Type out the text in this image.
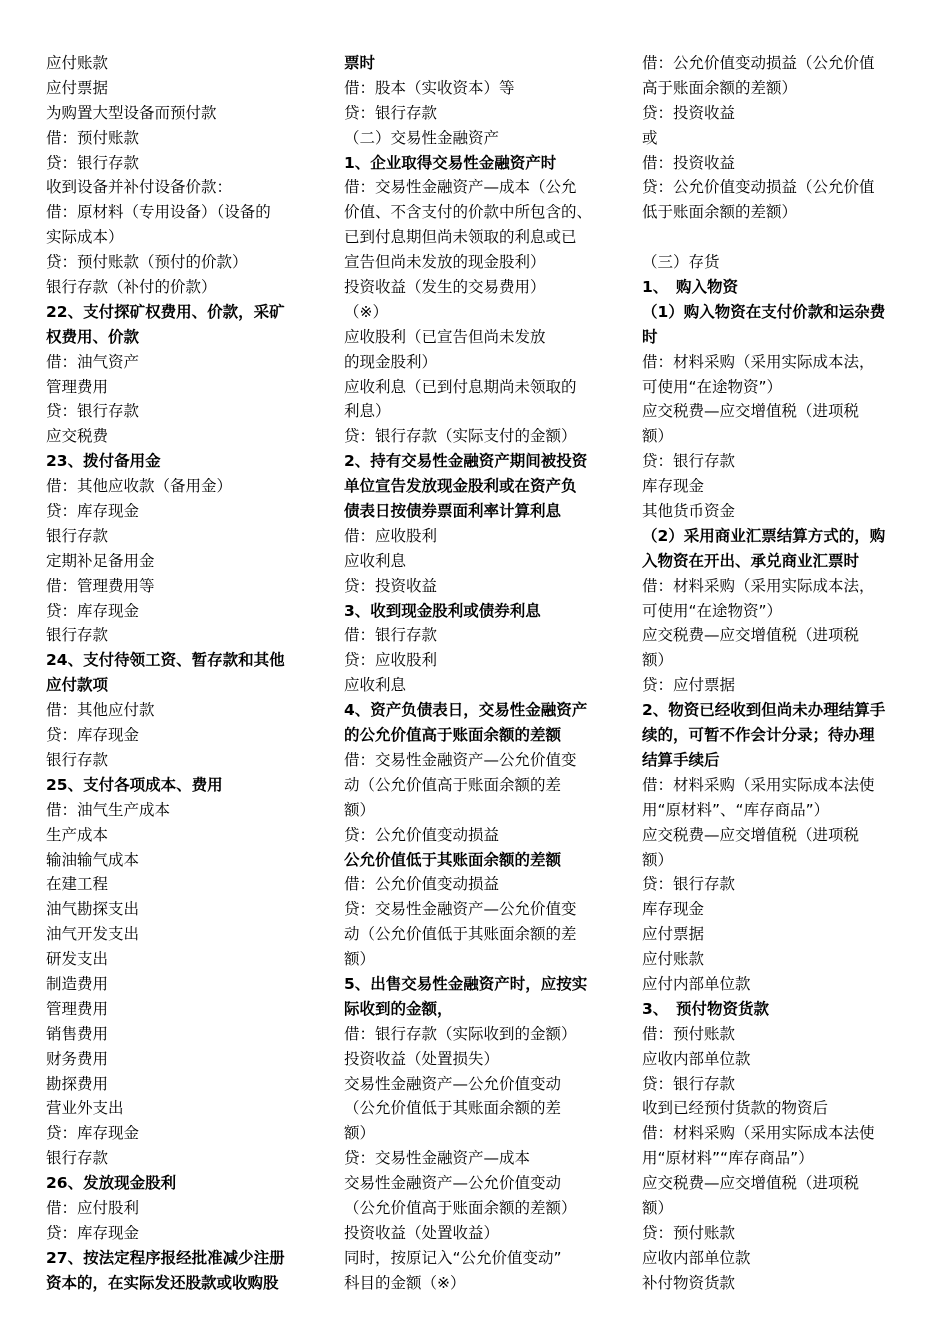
应付账款
应付票据
为购置大型设备而预付款
借：预付账款
贷：银行存款
收到设备并补付设备价款：
借：原材料（专用设备）（设备的
实际成本）
贷：预付账款（预付的价款）
银行存款（补付的价款）
22、支付探矿权费用、价款，采矿
权费用、价款
借：油气资产
管理费用
贷：银行存款
应交税费
23、拨付备用金
借：其他应收款（备用金）
贷：库存现金
银行存款
定期补足备用金
借：管理费用等
贷：库存现金
银行存款
24、支付待领工资、暂存款和其他
应付款项
借：其他应付款
贷：库存现金
银行存款
25、支付各项成本、费用
借：油气生产成本
生产成本
输油输气成本
在建工程
油气勘探支出
油气开发支出
研发支出
制造费用
管理费用
销售费用
财务费用
勘探费用
营业外支出
贷：库存现金
银行存款
26、发放现金股利
借：应付股利
贷：库存现金
27、按法定程序报经批准减少注册
资本的，在实际发还股款或收购股
票时
借：股本（实收资本）等
贷：银行存款
（二）交易性金融资产
1、企业取得交易性金融资产时
借：交易性金融资产—成本（公允
价值、不含支付的价款中所包含的、
已到付息期但尚未领取的利息或已
宣告但尚未发放的现金股利）
投资收益（发生的交易费用）
（※）
应收股利（已宣告但尚未发放
的现金股利）
应收利息（已到付息期尚未领取的
利息）
贷：银行存款（实际支付的金额）
2、持有交易性金融资产期间被投资
单位宣告发放现金股利或在资产负
债表日按债券票面利率计算利息
借：应收股利
应收利息
贷：投资收益
3、收到现金股利或债券利息
借：银行存款
贷：应收股利
应收利息
4、资产负债表日，交易性金融资产
的公允价值高于账面余额的差额
借：交易性金融资产—公允价值变
动（公允价值高于账面余额的差
额）
贷：公允价值变动损益
公允价值低于其账面余额的差额
借：公允价值变动损益
贷：交易性金融资产—公允价值变
动（公允价值低于其账面余额的差
额）
5、出售交易性金融资产时，应按实
际收到的金额，
借：银行存款（实际收到的金额）
投资收益（处置损失）
交易性金融资产—公允价值变动
（公允价值低于其账面余额的差
额）
贷：交易性金融资产—成本
交易性金融资产—公允价值变动
（公允价值高于账面余额的差额）
投资收益（处置收益）
同时，按原记入“公允价值变动”
科目的金额（※）
借：公允价值变动损益（公允价值
高于账面余额的差额）
贷：投资收益
或
借：投资收益
贷：公允价值变动损益（公允价值
低于账面余额的差额）
（三）存货
1、　购入物资
（1）购入物资在支付价款和运杂费
时
借：材料采购（采用实际成本法，
可使用“在途物资”）
应交税费—应交增值税（进项税
额）
贷：银行存款
库存现金
其他货币资金
（2）采用商业汇票结算方式的，购
入物资在开出、承兑商业汇票时
借：材料采购（采用实际成本法，
可使用“在途物资”）
应交税费—应交增值税（进项税
额）
贷：应付票据
2、物资已经收到但尚未办理结算手
续的，可暂不作会计分录；待办理
结算手续后
借：材料采购（采用实际成本法使
用“原材料”、“库存商品”）
应交税费—应交增值税（进项税
额）
贷：银行存款
库存现金
应付票据
应付账款
应付内部单位款
3、　预付物资货款
借：预付账款
应收内部单位款
贷：银行存款
收到已经预付货款的物资后
借：材料采购（采用实际成本法使
用“原材料”“库存商品”）
应交税费—应交增值税（进项税
额）
贷：预付账款
应收内部单位款
补付物资货款
